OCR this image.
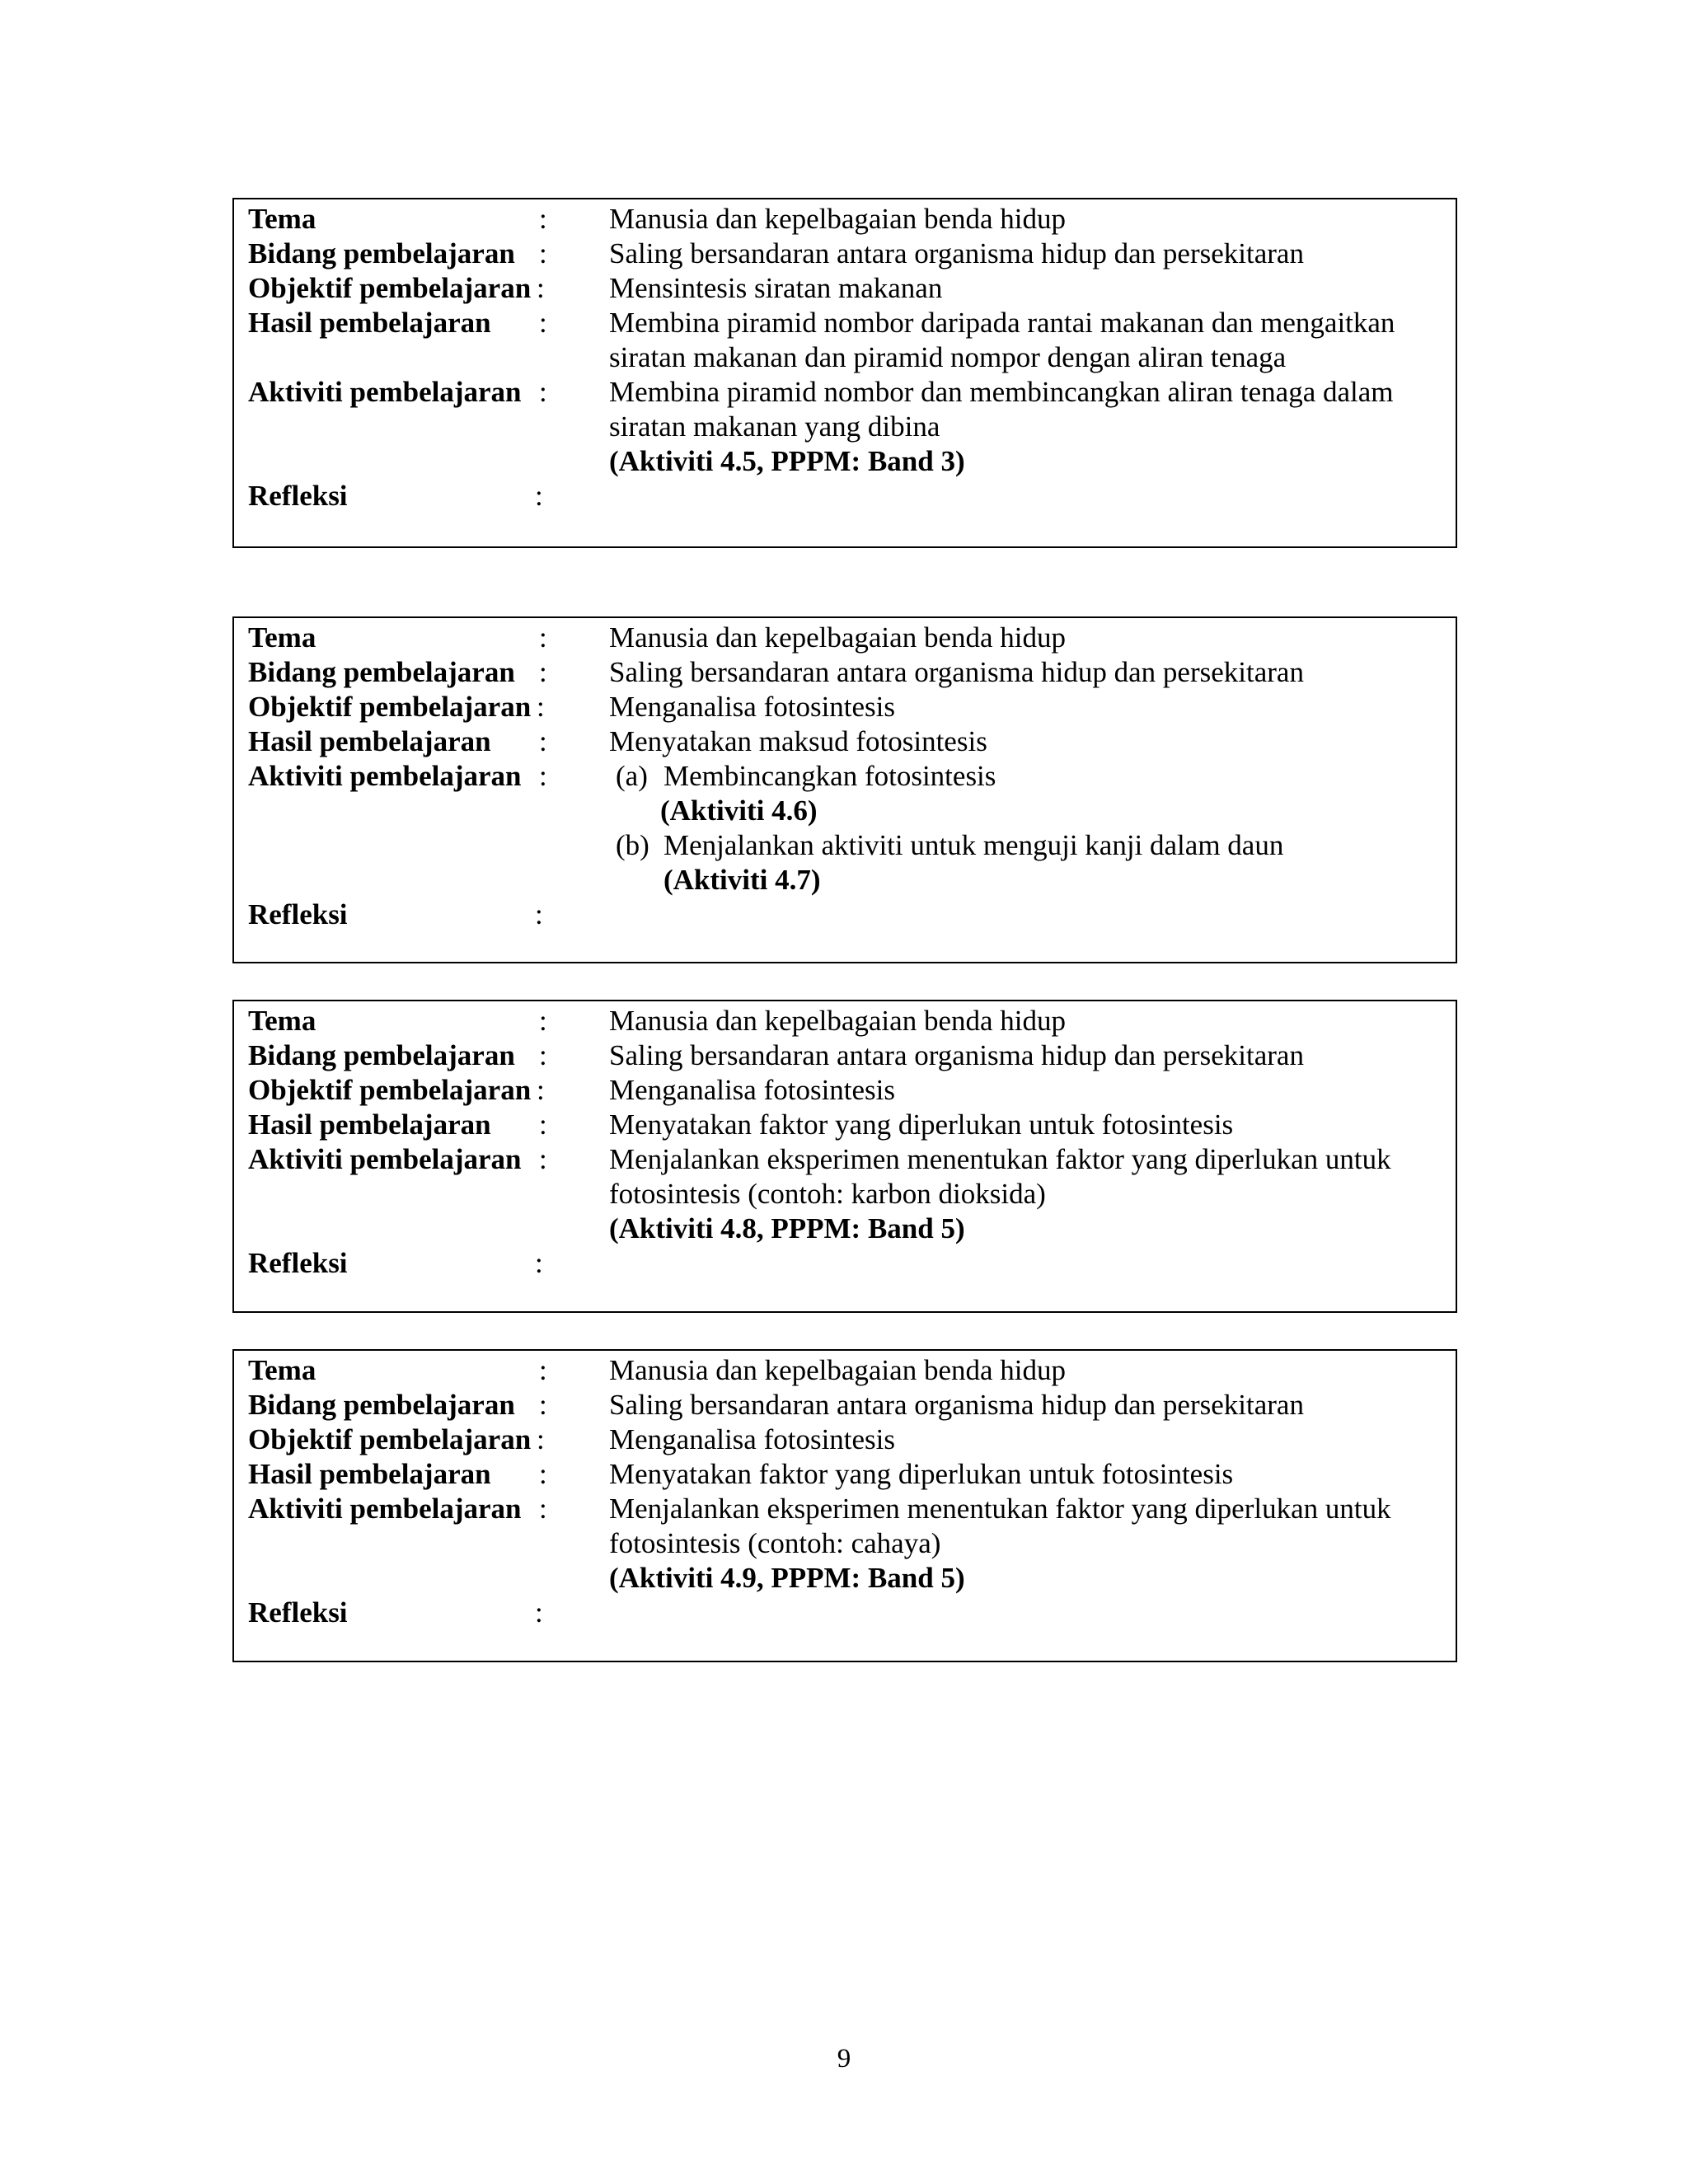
Tema	: Manusia dan kepelbagaian benda hidup
Bidang pembelajaran : Saling bersandaran antara organisma hidup dan persekitaran
Objektif pembelajaran : Mensintesis siratan makanan
Hasil pembelajaran : Membina piramid nombor daripada rantai makanan dan mengaitkan
siratan makanan dan piramid nompor dengan aliran tenaga
Aktiviti pembelajaran : Membina piramid nombor dan membincangkan aliran tenaga dalam
siratan makanan yang dibina
(Aktiviti 4.5, PPPM: Band 3)
Refleksi	:
Tema	: Manusia dan kepelbagaian benda hidup
Bidang pembelajaran : Saling bersandaran antara organisma hidup dan persekitaran
Objektif pembelajaran : Menganalisa fotosintesis
Hasil pembelajaran : Menyatakan maksud fotosintesis
Aktiviti pembelajaran : (a) Membincangkan fotosintesis
(Aktiviti 4.6)
(b) Menjalankan aktiviti untuk menguji kanji dalam daun
(Aktiviti 4.7)
Refleksi	:
Tema	: Manusia dan kepelbagaian benda hidup
Bidang pembelajaran : Saling bersandaran antara organisma hidup dan persekitaran
Objektif pembelajaran : Menganalisa fotosintesis
Hasil pembelajaran : Menyatakan faktor yang diperlukan untuk fotosintesis
Aktiviti pembelajaran : Menjalankan eksperimen menentukan faktor yang diperlukan untuk
fotosintesis (contoh: karbon dioksida)
(Aktiviti 4.8, PPPM: Band 5)
Refleksi	:
Tema	: Manusia dan kepelbagaian benda hidup
Bidang pembelajaran : Saling bersandaran antara organisma hidup dan persekitaran
Objektif pembelajaran : Menganalisa fotosintesis
Hasil pembelajaran : Menyatakan faktor yang diperlukan untuk fotosintesis
Aktiviti pembelajaran : Menjalankan eksperimen menentukan faktor yang diperlukan untuk
fotosintesis (contoh: cahaya)
(Aktiviti 4.9, PPPM: Band 5)
Refleksi	:
9
